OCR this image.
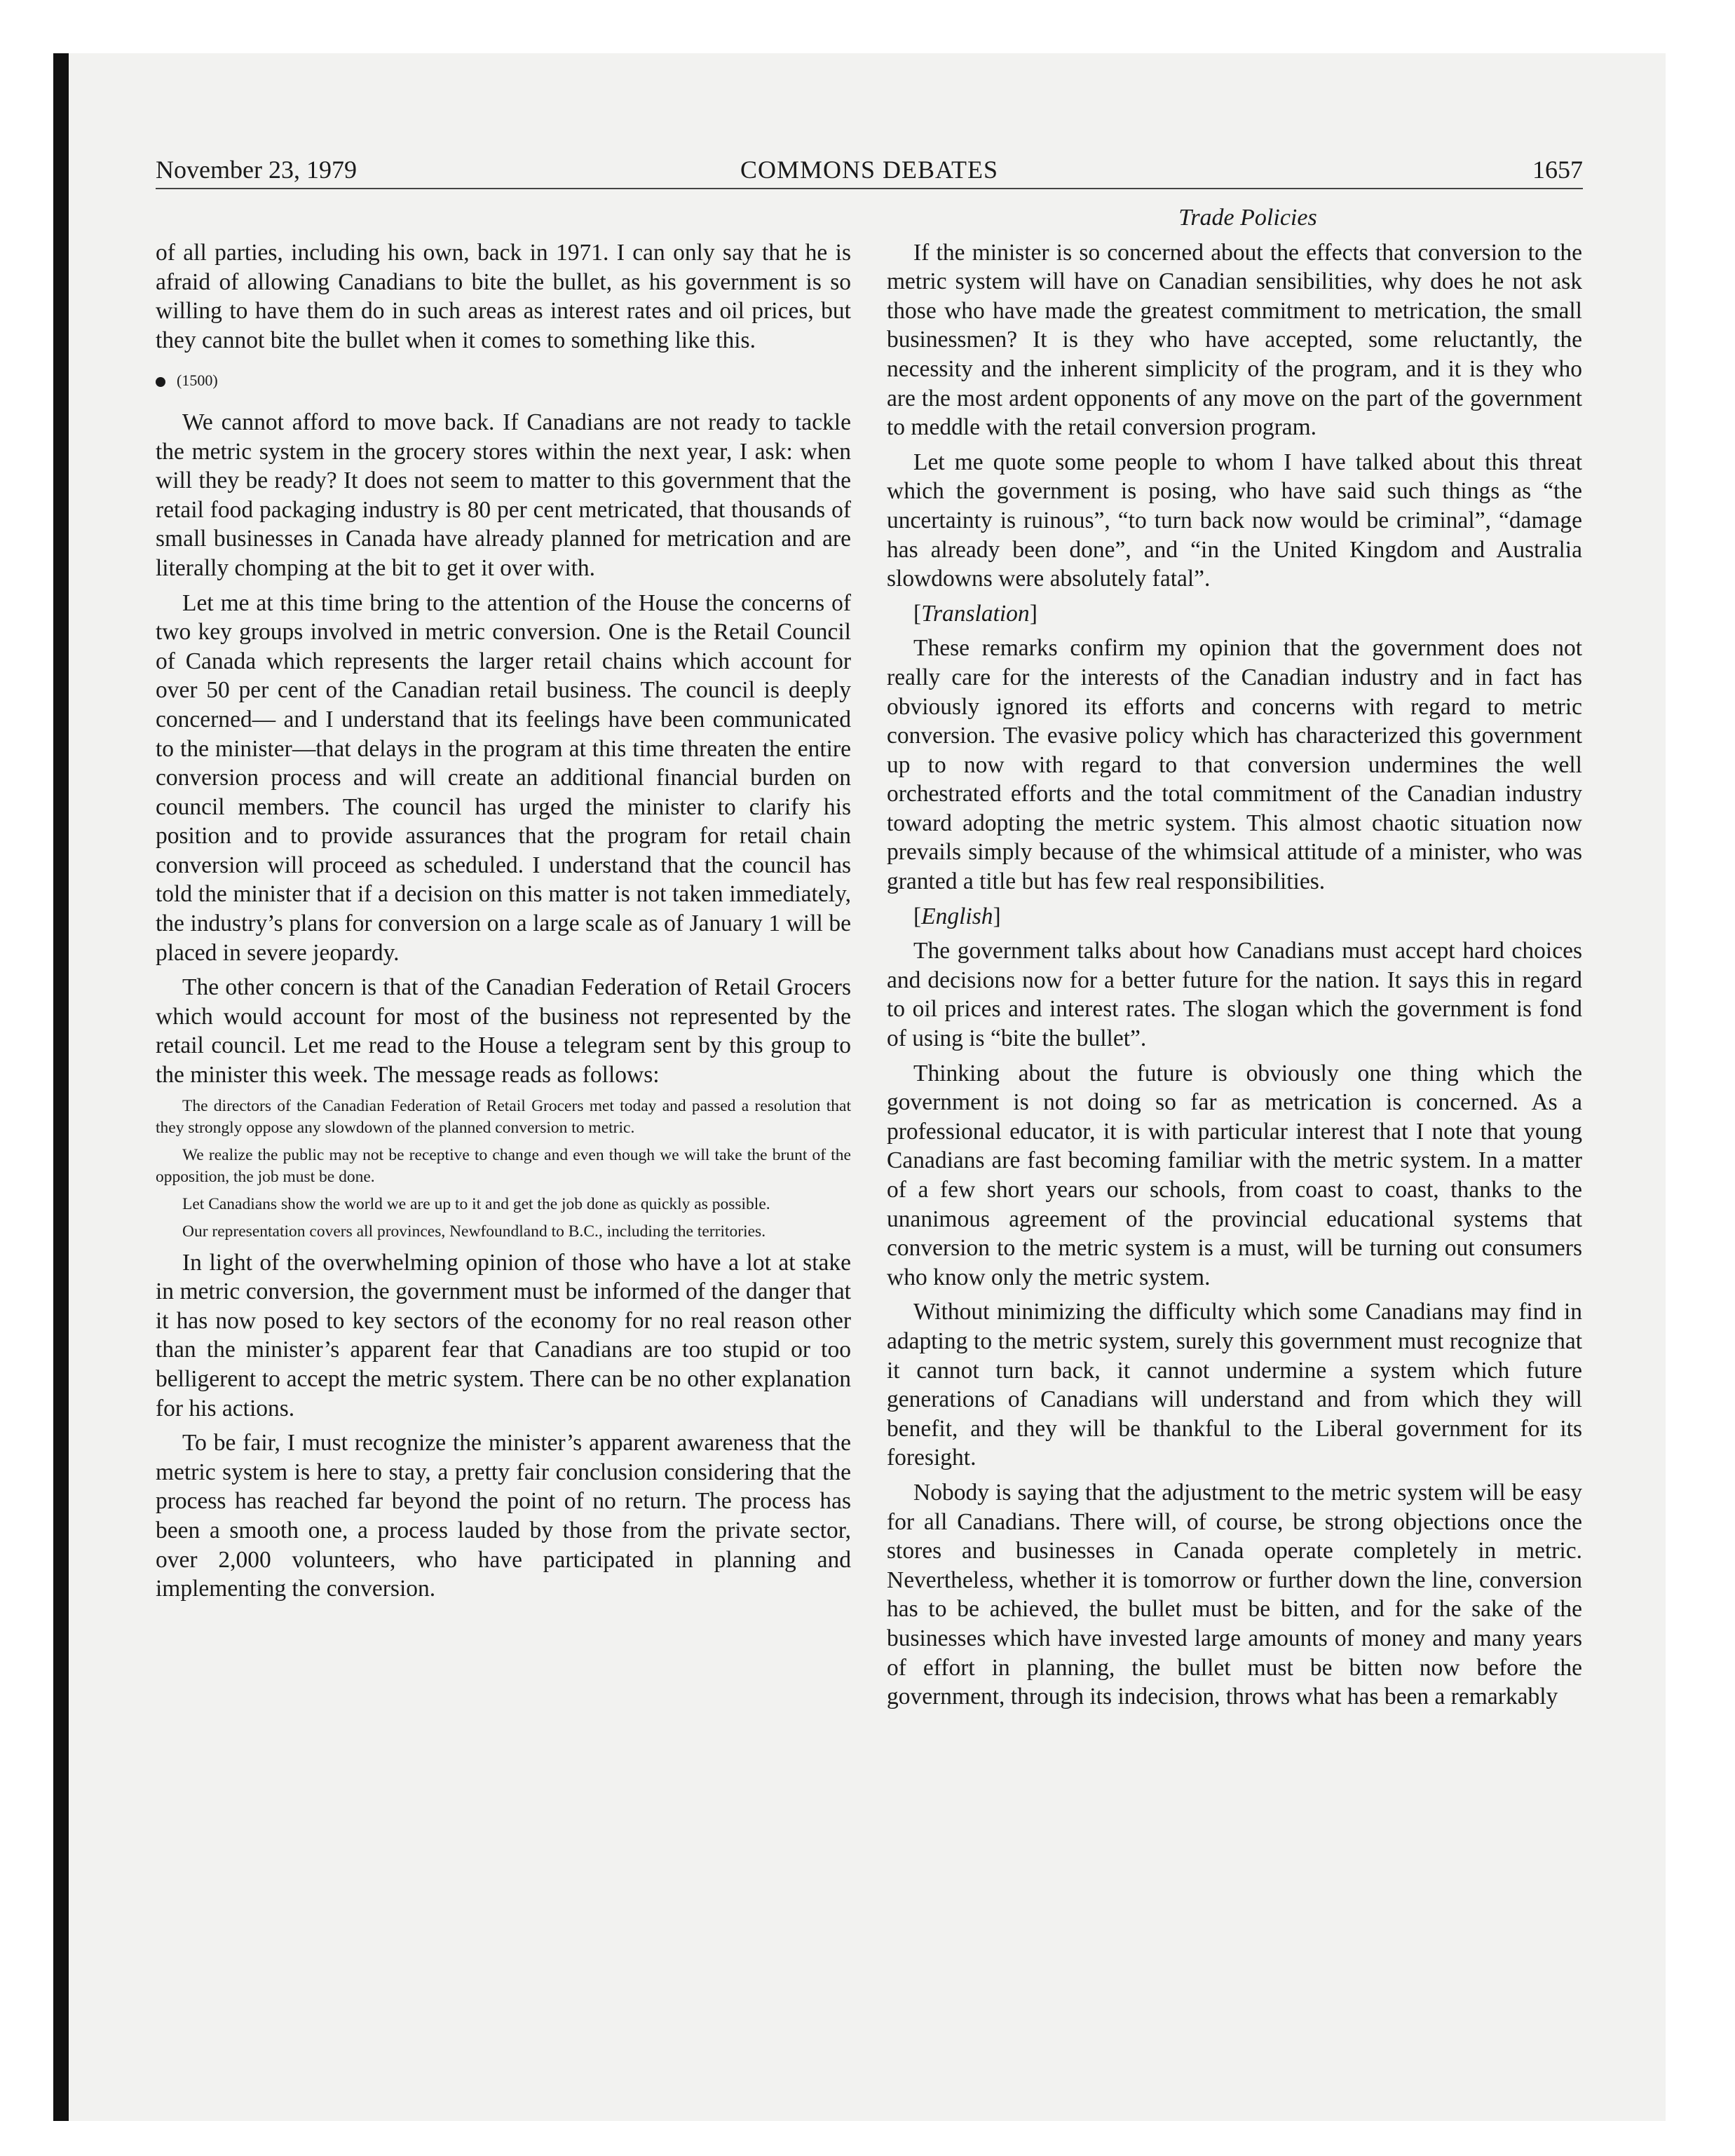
November 23, 1979	COMMONS DEBATES	1657

of all parties, including his own, back in 1971. I can only say that he is afraid of allowing Canadians to bite the bullet, as his government is so willing to have them do in such areas as interest rates and oil prices, but they cannot bite the bullet when it comes to something like this.

(1500)

We cannot afford to move back. If Canadians are not ready to tackle the metric system in the grocery stores within the next year, I ask: when will they be ready? It does not seem to matter to this government that the retail food packaging industry is 80 per cent metricated, that thousands of small businesses in Canada have already planned for metrication and are literally chomping at the bit to get it over with.

Let me at this time bring to the attention of the House the concerns of two key groups involved in metric conversion. One is the Retail Council of Canada which represents the larger retail chains which account for over 50 per cent of the Canadian retail business. The council is deeply concerned— and I understand that its feelings have been communicated to the minister—that delays in the program at this time threaten the entire conversion process and will create an additional financial burden on council members. The council has urged the minister to clarify his position and to provide assurances that the program for retail chain conversion will proceed as scheduled. I understand that the council has told the minister that if a decision on this matter is not taken immediately, the industry’s plans for conversion on a large scale as of January 1 will be placed in severe jeopardy.

The other concern is that of the Canadian Federation of Retail Grocers which would account for most of the business not represented by the retail council. Let me read to the House a telegram sent by this group to the minister this week. The message reads as follows:

The directors of the Canadian Federation of Retail Grocers met today and passed a resolution that they strongly oppose any slowdown of the planned conversion to metric.

We realize the public may not be receptive to change and even though we will take the brunt of the opposition, the job must be done.

Let Canadians show the world we are up to it and get the job done as quickly as possible.

Our representation covers all provinces, Newfoundland to B.C., including the territories.

In light of the overwhelming opinion of those who have a lot at stake in metric conversion, the government must be informed of the danger that it has now posed to key sectors of the economy for no real reason other than the minister’s apparent fear that Canadians are too stupid or too belligerent to accept the metric system. There can be no other explanation for his actions.

To be fair, I must recognize the minister’s apparent awareness that the metric system is here to stay, a pretty fair conclusion considering that the process has reached far beyond the point of no return. The process has been a smooth one, a process lauded by those from the private sector, over 2,000 volunteers, who have participated in planning and implementing the conversion.

Trade Policies

If the minister is so concerned about the effects that conversion to the metric system will have on Canadian sensibilities, why does he not ask those who have made the greatest commitment to metrication, the small businessmen? It is they who have accepted, some reluctantly, the necessity and the inherent simplicity of the program, and it is they who are the most ardent opponents of any move on the part of the government to meddle with the retail conversion program.

Let me quote some people to whom I have talked about this threat which the government is posing, who have said such things as “the uncertainty is ruinous”, “to turn back now would be criminal”, “damage has already been done”, and “in the United Kingdom and Australia slowdowns were absolutely fatal”.

[Translation]

These remarks confirm my opinion that the government does not really care for the interests of the Canadian industry and in fact has obviously ignored its efforts and concerns with regard to metric conversion. The evasive policy which has characterized this government up to now with regard to that conversion undermines the well orchestrated efforts and the total commitment of the Canadian industry toward adopting the metric system. This almost chaotic situation now prevails simply because of the whimsical attitude of a minister, who was granted a title but has few real responsibilities.

[English]

The government talks about how Canadians must accept hard choices and decisions now for a better future for the nation. It says this in regard to oil prices and interest rates. The slogan which the government is fond of using is “bite the bullet”.

Thinking about the future is obviously one thing which the government is not doing so far as metrication is concerned. As a professional educator, it is with particular interest that I note that young Canadians are fast becoming familiar with the metric system. In a matter of a few short years our schools, from coast to coast, thanks to the unanimous agreement of the provincial educational systems that conversion to the metric system is a must, will be turning out consumers who know only the metric system.

Without minimizing the difficulty which some Canadians may find in adapting to the metric system, surely this government must recognize that it cannot turn back, it cannot undermine a system which future generations of Canadians will understand and from which they will benefit, and they will be thankful to the Liberal government for its foresight.

Nobody is saying that the adjustment to the metric system will be easy for all Canadians. There will, of course, be strong objections once the stores and businesses in Canada operate completely in metric. Nevertheless, whether it is tomorrow or further down the line, conversion has to be achieved, the bullet must be bitten, and for the sake of the businesses which have invested large amounts of money and many years of effort in planning, the bullet must be bitten now before the government, through its indecision, throws what has been a remarkably
